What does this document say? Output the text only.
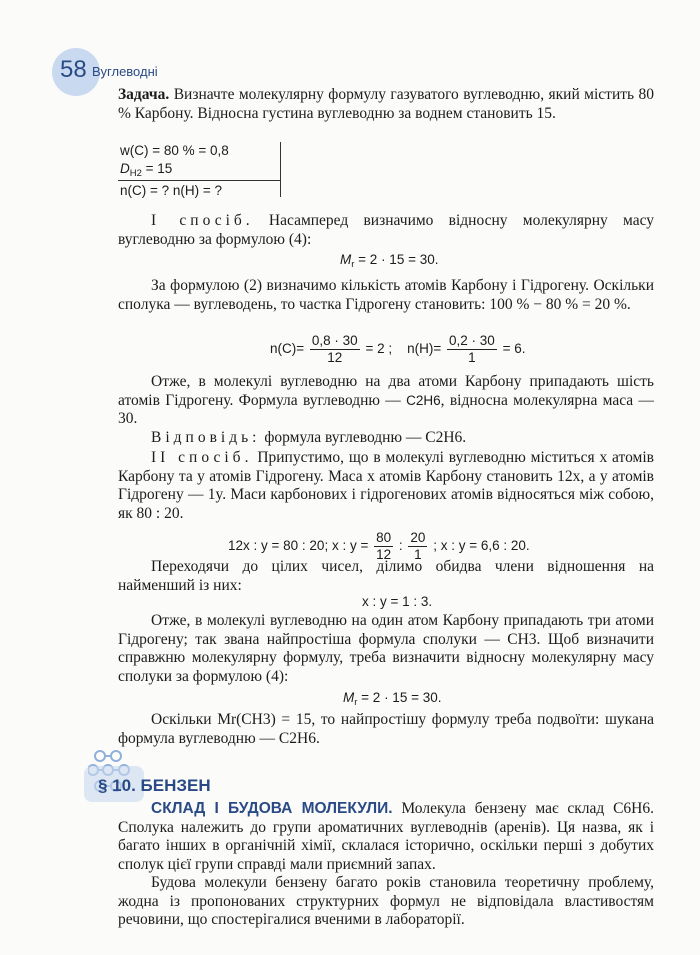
58 Вуглеводні
Задача. Визначте молекулярну формулу газуватого вуглеводню, який містить 80 % Карбону. Відносна густина вуглеводню за воднем становить 15.
w(C) = 80 % = 0,8
$D_{H2} = 15$
n(C) = ? n(H) = ?
І спосіб. Насамперед визначимо відносну молекулярну масу вуглеводню за формулою (4):
$M_r = 2 \cdot 15 = 30$.
За формулою (2) визначимо кількість атомів Карбону і Гідрогену. Оскільки сполука — вуглеводень, то частка Гідрогену становить: 100 % − 80 % = 20 %.
$n(C)= \frac{0,8 \cdot 30}{12} = 2$ ; $n(H)= \frac{0,2 \cdot 30}{1} = 6$.
Отже, в молекулі вуглеводню на два атоми Карбону припадають шість атомів Гідрогену. Формула вуглеводню — C2H6, відносна молекулярна маса — 30.
Відповідь: формула вуглеводню — C2H6.
ІІ спосіб. Припустимо, що в молекулі вуглеводню міститься x атомів Карбону та y атомів Гідрогену. Маса x атомів Карбону становить 12x, а y атомів Гідрогену — 1y. Маси карбонових і гідрогенових атомів відносяться між собою, як 80 : 20.
12x : y = 80 : 20; x : $y = \frac{80}{12}$ : $\frac{20}{1}$ ; x : y = 6,6 : 20.
Переходячи до цілих чисел, ділимо обидва члени відношення на найменший із них:
x : y = 1 : 3.
Отже, в молекулі вуглеводню на один атом Карбону припадають три атоми Гідрогену; так звана найпростіша формула сполуки — CH3. Щоб визначити справжню молекулярну формулу, треба визначити відносну молекулярну масу сполуки за формулою (4):
$M_r = 2 \cdot 15 = 30$.
Оскільки Mr(CH3) = 15, то найпростішу формулу треба подвоїти: шукана формула вуглеводню — C2H6.
§ 10. БЕНЗЕН
СКЛАД І БУДОВА МОЛЕКУЛИ. Молекула бензену має склад C6H6. Сполука належить до групи ароматичних вуглеводнів (аренів). Ця назва, як і багато інших в органічній хімії, склалася історично, оскільки перші з добутих сполук цієї групи справді мали приємний запах.
Будова молекули бензену багато років становила теоретичну проблему, жодна із пропонованих структурних формул не відповідала властивостям речовини, що спостерігалися вченими в лабораторії.
